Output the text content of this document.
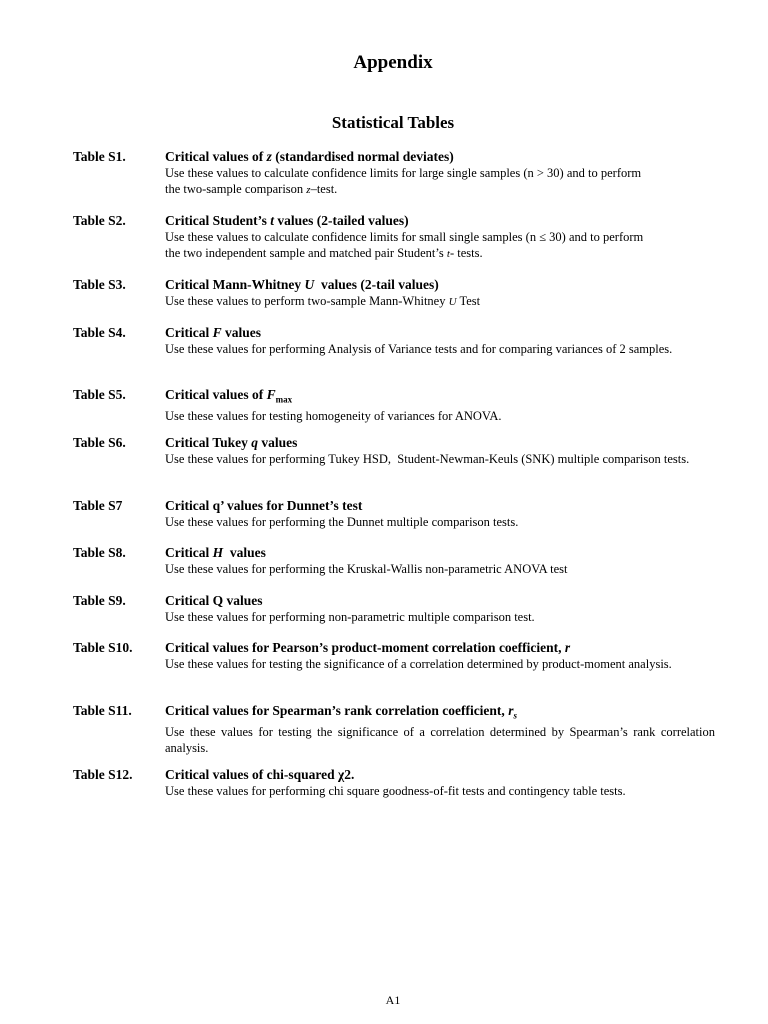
Appendix
Statistical Tables
Table S1.	Critical values of z (standardised normal deviates)
Use these values to calculate confidence limits for large single samples (n > 30) and to perform
the two-sample comparison z–test.
Table S2.	Critical Student’s t values (2-tailed values)
Use these values to calculate confidence limits for small single samples (n ≤ 30) and to perform
the two independent sample and matched pair Student’s t- tests.
Table S3.	Critical Mann-Whitney U  values (2-tail values)
Use these values to perform two-sample Mann-Whitney U Test
Table S4.	Critical F values
Use these values for performing Analysis of Variance tests and for comparing variances of 2 samples.
Table S5.	Critical values of $F_{max}$
Use these values for testing homogeneity of variances for ANOVA.
Table S6.	Critical Tukey q values
Use these values for performing Tukey HSD,  Student-Newman-Keuls (SNK) multiple comparison tests.
Table S7	Critical q’ values for Dunnet’s test
Use these values for performing the Dunnet multiple comparison tests.
Table S8.	Critical H  values
Use these values for performing the Kruskal-Wallis non-parametric ANOVA test
Table S9.	Critical Q values
Use these values for performing non-parametric multiple comparison test.
Table S10.	Critical values for Pearson’s product-moment correlation coefficient, r
Use these values for testing the significance of a correlation determined by product-moment analysis.
Table S11.	Critical values for Spearman’s rank correlation coefficient, $r_s$
Use these values for testing the significance of a correlation determined by Spearman’s rank correlation analysis.
Table S12.	Critical values of chi-squared χ2.
Use these values for performing chi square goodness-of-fit tests and contingency table tests.
A1
